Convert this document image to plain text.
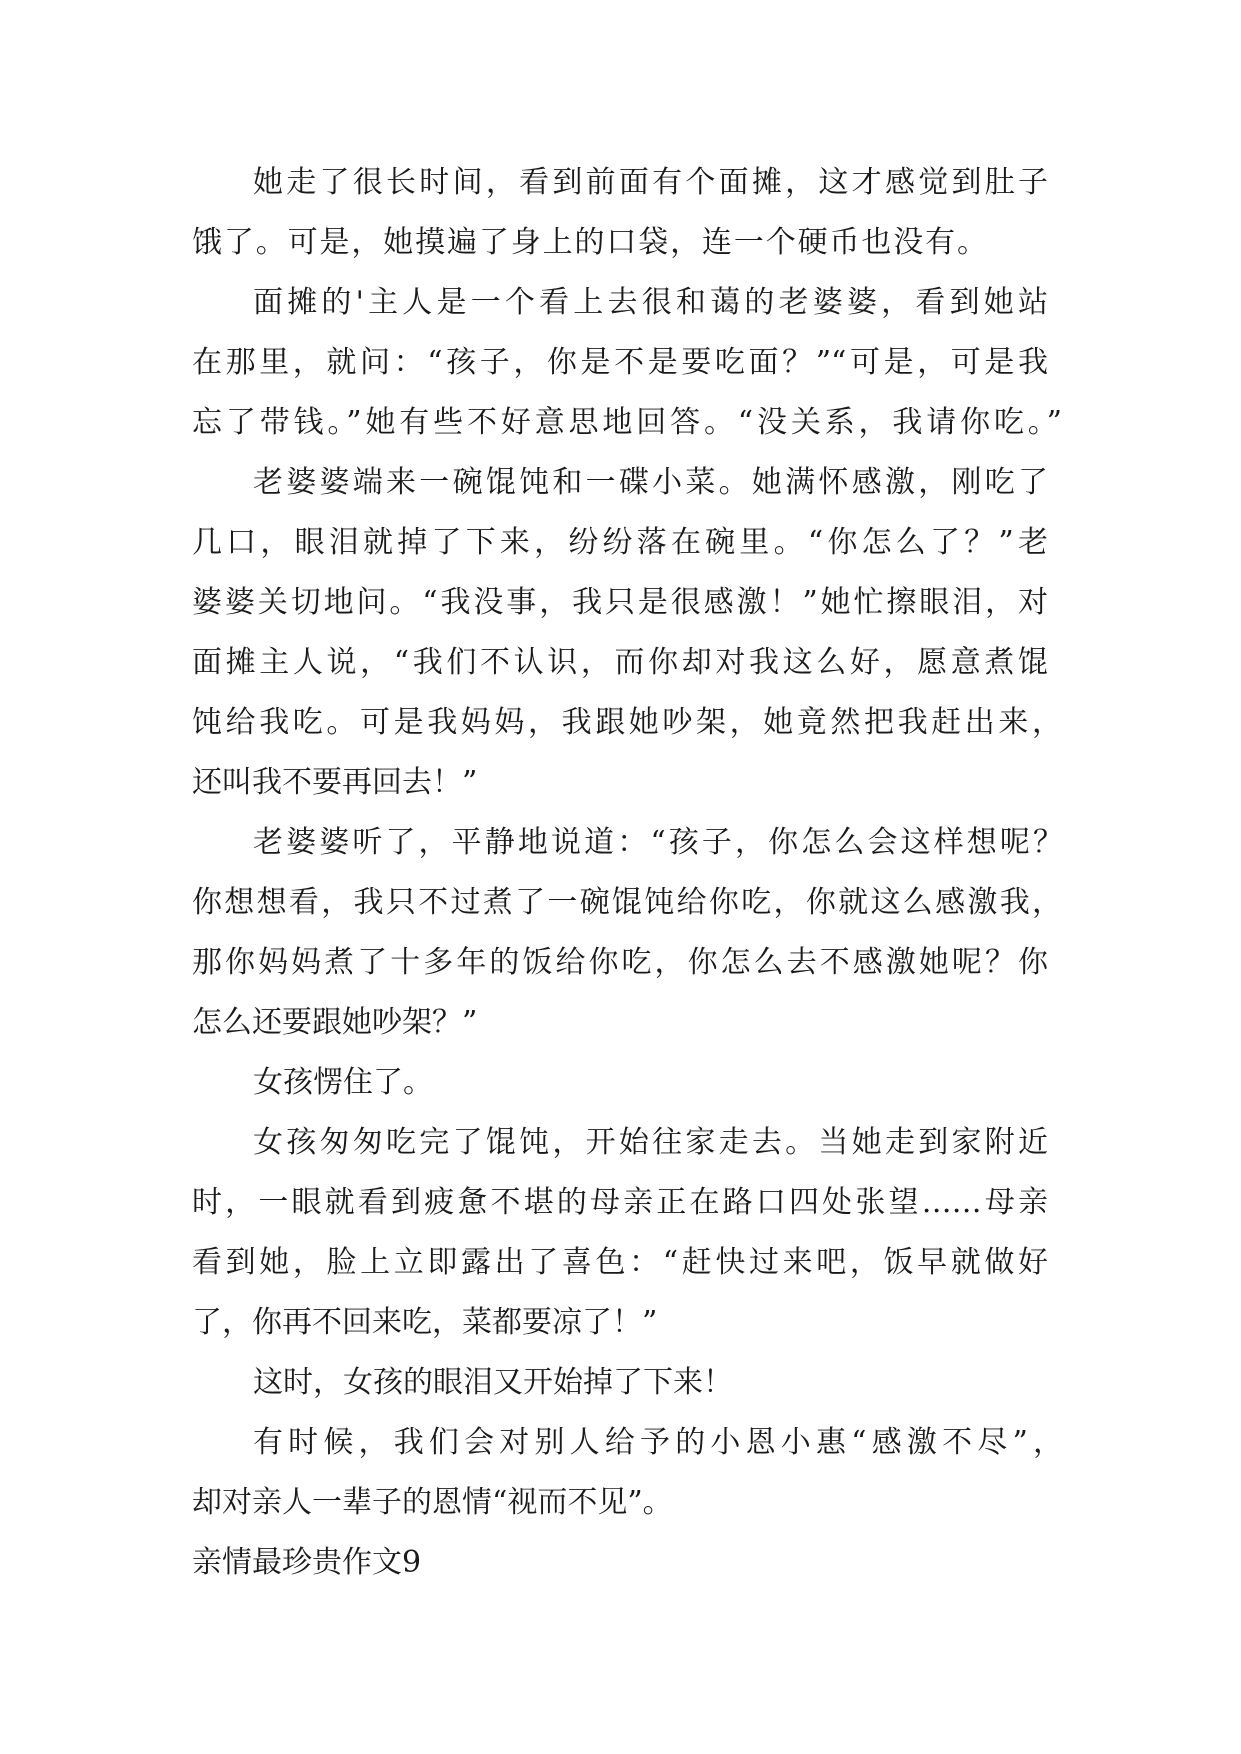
她走了很长时间，看到前面有个面摊，这才感觉到肚子

饿了。可是，她摸遍了身上的口袋，连一个硬币也没有。

面摊的'主人是一个看上去很和蔼的老婆婆，看到她站

在那里，就问：“孩子，你是不是要吃面？”“可是，可是我

忘了带钱。”她有些不好意思地回答。“没关系，我请你吃。”

老婆婆端来一碗馄饨和一碟小菜。她满怀感激，刚吃了

几口，眼泪就掉了下来，纷纷落在碗里。“你怎么了？”老

婆婆关切地问。“我没事，我只是很感激！”她忙擦眼泪，对

面摊主人说，“我们不认识，而你却对我这么好，愿意煮馄

饨给我吃。可是我妈妈，我跟她吵架，她竟然把我赶出来，

还叫我不要再回去！”

老婆婆听了，平静地说道：“孩子，你怎么会这样想呢？

你想想看，我只不过煮了一碗馄饨给你吃，你就这么感激我，

那你妈妈煮了十多年的饭给你吃，你怎么去不感激她呢？你

怎么还要跟她吵架？”

女孩愣住了。

女孩匆匆吃完了馄饨，开始往家走去。当她走到家附近

时，一眼就看到疲惫不堪的母亲正在路口四处张望……母亲

看到她，脸上立即露出了喜色：“赶快过来吧，饭早就做好

了，你再不回来吃，菜都要凉了！”

这时，女孩的眼泪又开始掉了下来！

有时候，我们会对别人给予的小恩小惠“感激不尽”，

却对亲人一辈子的恩情“视而不见”。

亲情最珍贵作文9
